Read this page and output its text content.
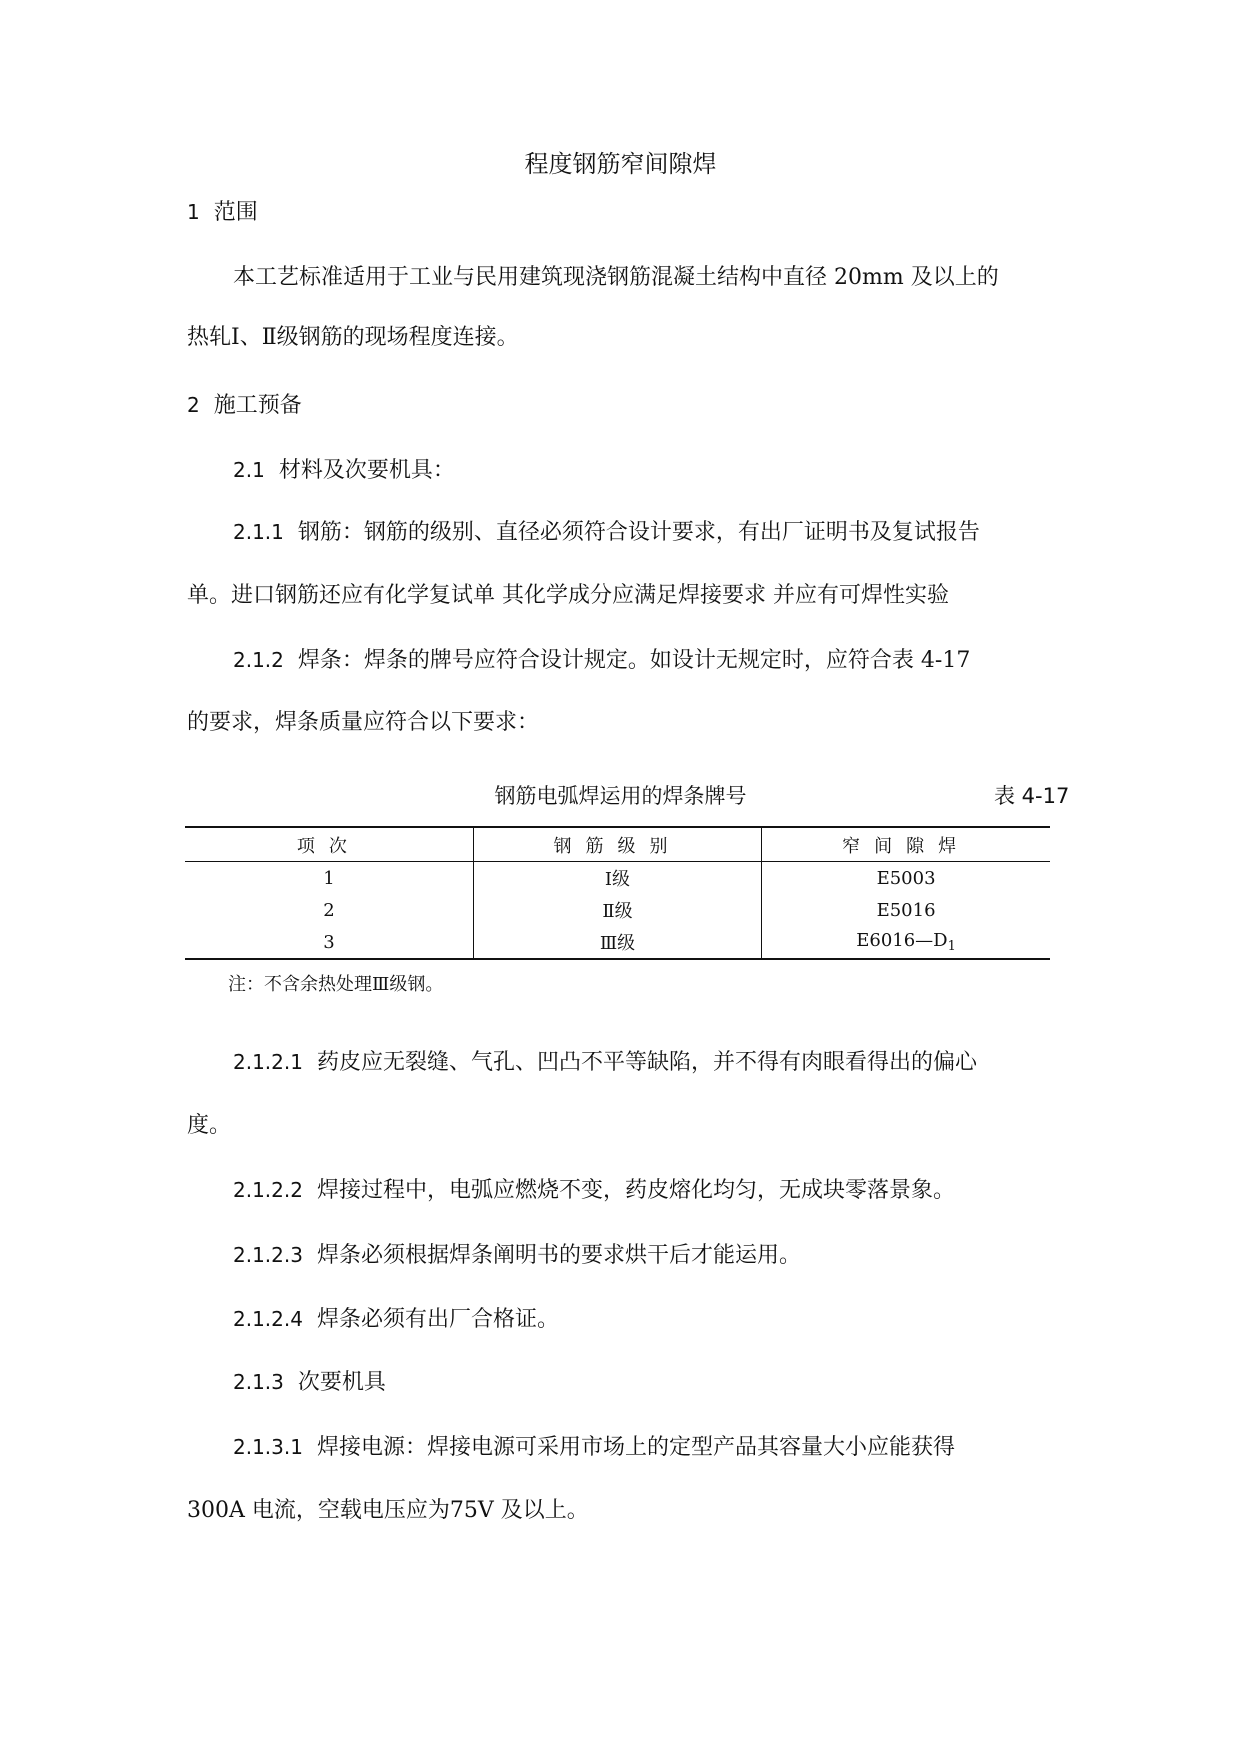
程度钢筋窄间隙焊
1 范围
本工艺标准适用于工业与民用建筑现浇钢筋混凝土结构中直径 20mm 及以上的
热轧Ⅰ、Ⅱ级钢筋的现场程度连接。
2 施工预备
2.1 材料及次要机具：
2.1.1 钢筋：钢筋的级别、直径必须符合设计要求，有出厂证明书及复试报告
单。进口钢筋还应有化学复试单 其化学成分应满足焊接要求 并应有可焊性实验
2.1.2 焊条：焊条的牌号应符合设计规定。如设计无规定时，应符合表 4-17
的要求，焊条质量应符合以下要求：
钢筋电弧焊运用的焊条牌号	表 4-17
项次	钢筋级别	窄间隙焊
1	Ⅰ级	E5003
2	Ⅱ级	E5016
3	Ⅲ级	$E6016—D_1$
注：不含余热处理Ⅲ级钢。
2.1.2.1 药皮应无裂缝、气孔、凹凸不平等缺陷，并不得有肉眼看得出的偏心
度。
2.1.2.2 焊接过程中，电弧应燃烧不变，药皮熔化均匀，无成块零落景象。
2.1.2.3 焊条必须根据焊条阐明书的要求烘干后才能运用。
2.1.2.4 焊条必须有出厂合格证。
2.1.3 次要机具
2.1.3.1 焊接电源：焊接电源可采用市场上的定型产品其容量大小应能获得
300A 电流，空载电压应为75V 及以上。
